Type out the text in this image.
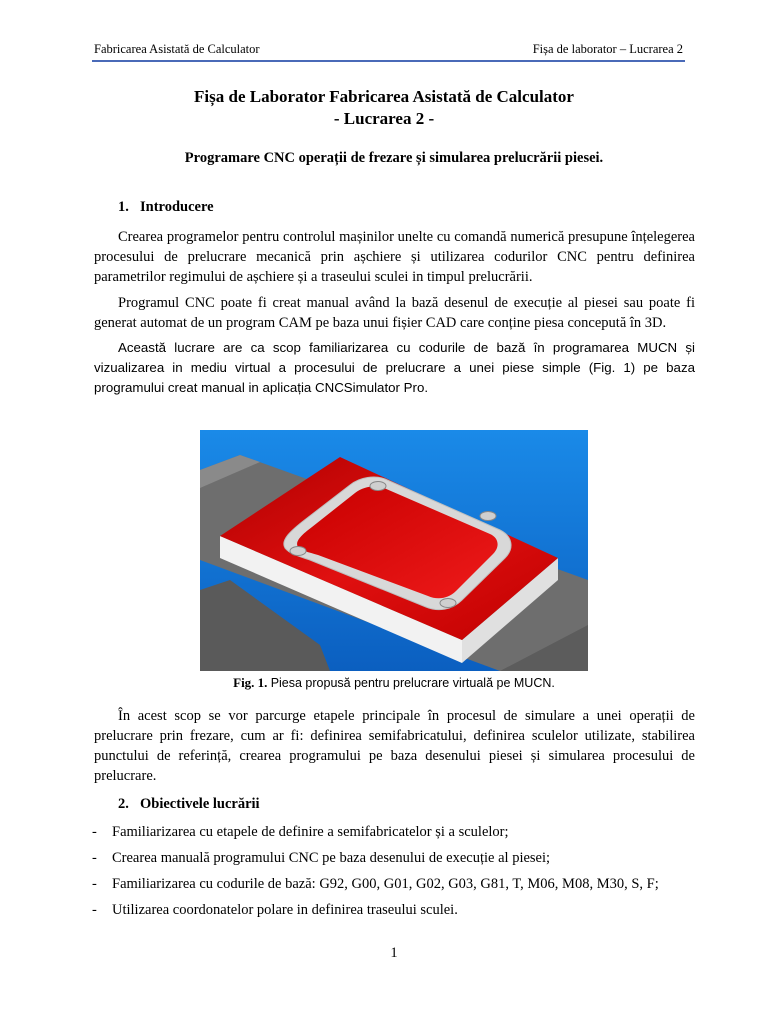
Fabricarea Asistată de Calculator	Fișa de laborator – Lucrarea 2
Fișa de Laborator Fabricarea Asistată de Calculator
- Lucrarea 2 -
Programare CNC operații de frezare și simularea prelucrării piesei.
1. Introducere
Crearea programelor pentru controlul mașinilor unelte cu comandă numerică presupune înțelegerea procesului de prelucrare mecanică prin așchiere și utilizarea codurilor CNC pentru definirea parametrilor regimului de așchiere și a traseului sculei in timpul prelucrării.
Programul CNC poate fi creat manual având la bază desenul de execuție al piesei sau poate fi generat automat de un program CAM pe baza unui fișier CAD care conține piesa concepută în 3D.
Această lucrare are ca scop familiarizarea cu codurile de bază în programarea MUCN și vizualizarea in mediu virtual a procesului de prelucrare a unei piese simple (Fig. 1) pe baza programului creat manual in aplicația CNCSimulator Pro.
Fig. 1. Piesa propusă pentru prelucrare virtuală pe MUCN.
În acest scop se vor parcurge etapele principale în procesul de simulare a unei operații de prelucrare prin frezare, cum ar fi: definirea semifabricatului, definirea sculelor utilizate, stabilirea punctului de referință, crearea programului pe baza desenului piesei și simularea procesului de prelucrare.
2. Obiectivele lucrării
- Familiarizarea cu etapele de definire a semifabricatelor și a sculelor;
- Crearea manuală programului CNC pe baza desenului de execuție al piesei;
- Familiarizarea cu codurile de bază: G92, G00, G01, G02, G03, G81, T, M06, M08, M30, S, F;
- Utilizarea coordonatelor polare in definirea traseului sculei.
1
